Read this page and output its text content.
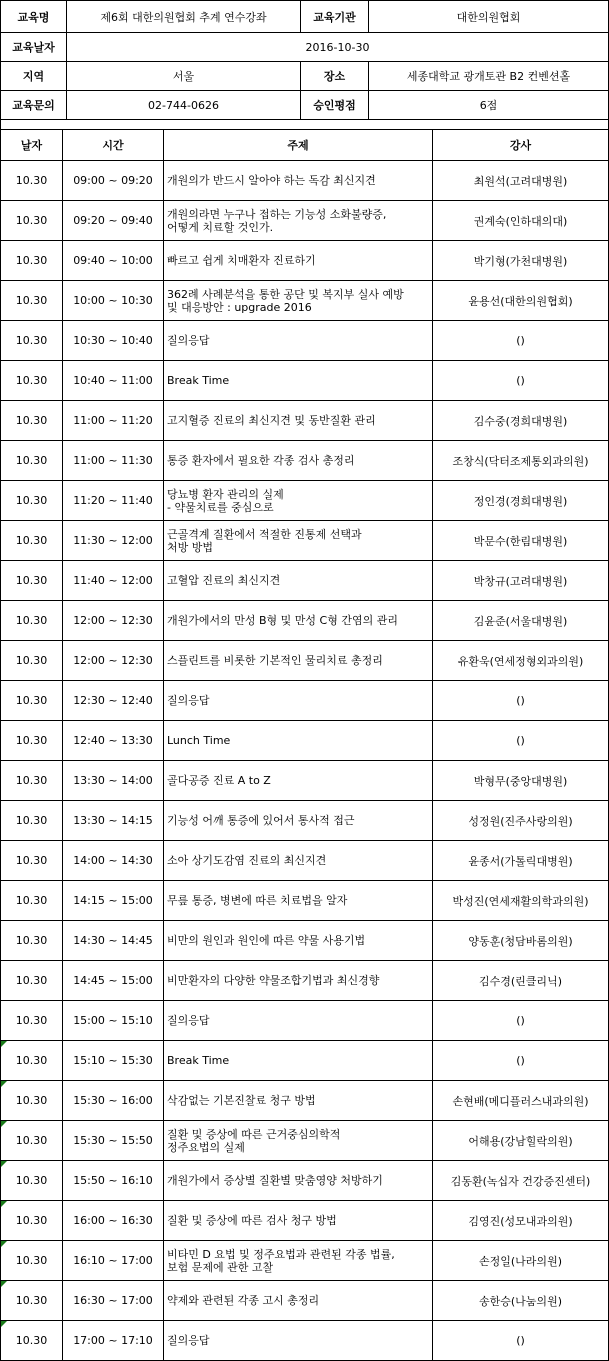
교육명	제6회 대한의원협회 추계 연수강좌	교육기관	대한의원협회
교육날자	2016-10-30		
지역	서울	장소	세종대학교 광개토관 B2 컨벤션홀
교육문의	02-744-0626	승인평점	6점
날자	시간	주제	강사
10.30	09:00 ~ 09:20	개원의가 반드시 알아야 하는 독감 최신지견	최원석(고려대병원)
10.30	09:20 ~ 09:40	개원의라면 누구나 접하는 기능성 소화불량증,
어떻게 치료할 것인가.	권계숙(인하대의대)
10.30	09:40 ~ 10:00	빠르고 쉽게 치매환자 진료하기	박기형(가천대병원)
10.30	10:00 ~ 10:30	362례 사례분석을 통한 공단 및 복지부 실사 예방
및 대응방안 : upgrade 2016	윤용선(대한의원협회)
10.30	10:30 ~ 10:40	질의응답	()
10.30	10:40 ~ 11:00	Break Time	()
10.30	11:00 ~ 11:20	고지혈증 진료의 최신지견 및 동반질환 관리	김수중(경희대병원)
10.30	11:00 ~ 11:30	통증 환자에서 필요한 각종 검사 총정리	조창식(닥터조제통외과의원)
10.30	11:20 ~ 11:40	당뇨병 환자 관리의 실제
- 약물치료를 중심으로	정인경(경희대병원)
10.30	11:30 ~ 12:00	근골격계 질환에서 적절한 진통제 선택과
처방 방법	박문수(한림대병원)
10.30	11:40 ~ 12:00	고혈압 진료의 최신지견	박창규(고려대병원)
10.30	12:00 ~ 12:30	개원가에서의 만성 B형 및 만성 C형 간염의 관리	김윤준(서울대병원)
10.30	12:00 ~ 12:30	스플린트를 비롯한 기본적인 물리치료 총정리	유환욱(연세정형외과의원)
10.30	12:30 ~ 12:40	질의응답	()
10.30	12:40 ~ 13:30	Lunch Time	()
10.30	13:30 ~ 14:00	골다공증 진료 A to Z	박형무(중앙대병원)
10.30	13:30 ~ 14:15	기능성 어깨 통증에 있어서 통사적 접근	성정원(진주사랑의원)
10.30	14:00 ~ 14:30	소아 상기도감염 진료의 최신지견	윤종서(가톨릭대병원)
10.30	14:15 ~ 15:00	무릎 통증, 병변에 따른 치료법을 알자	박성진(연세재활의학과의원)
10.30	14:30 ~ 14:45	비만의 원인과 원인에 따른 약물 사용기법	양동훈(청담바롬의원)
10.30	14:45 ~ 15:00	비만환자의 다양한 약물조합기법과 최신경향	김수경(린클리닉)
10.30	15:00 ~ 15:10	질의응답	()

10.30	15:10 ~ 15:30	Break Time	()

10.30	15:30 ~ 16:00	삭감없는 기본진찰료 청구 방법	손현배(메디플러스내과의원)

10.30	15:30 ~ 15:50	질환 및 증상에 따른 근거중심의학적
정주요법의 실제	어해용(강남힐락의원)

10.30	15:50 ~ 16:10	개원가에서 증상별 질환별 맞춤영양 처방하기	김동환(녹십자 건강증진센터)

10.30	16:00 ~ 16:30	질환 및 증상에 따른 검사 청구 방법	김영진(성모내과의원)

10.30	16:10 ~ 17:00	비타민 D 요법 및 정주요법과 관련된 각종 법률,
보험 문제에 관한 고찰	손정일(나라의원)

10.30	16:30 ~ 17:00	약제와 관련된 각종 고시 총정리	송한승(나눔의원)

10.30	17:00 ~ 17:10	질의응답	()
